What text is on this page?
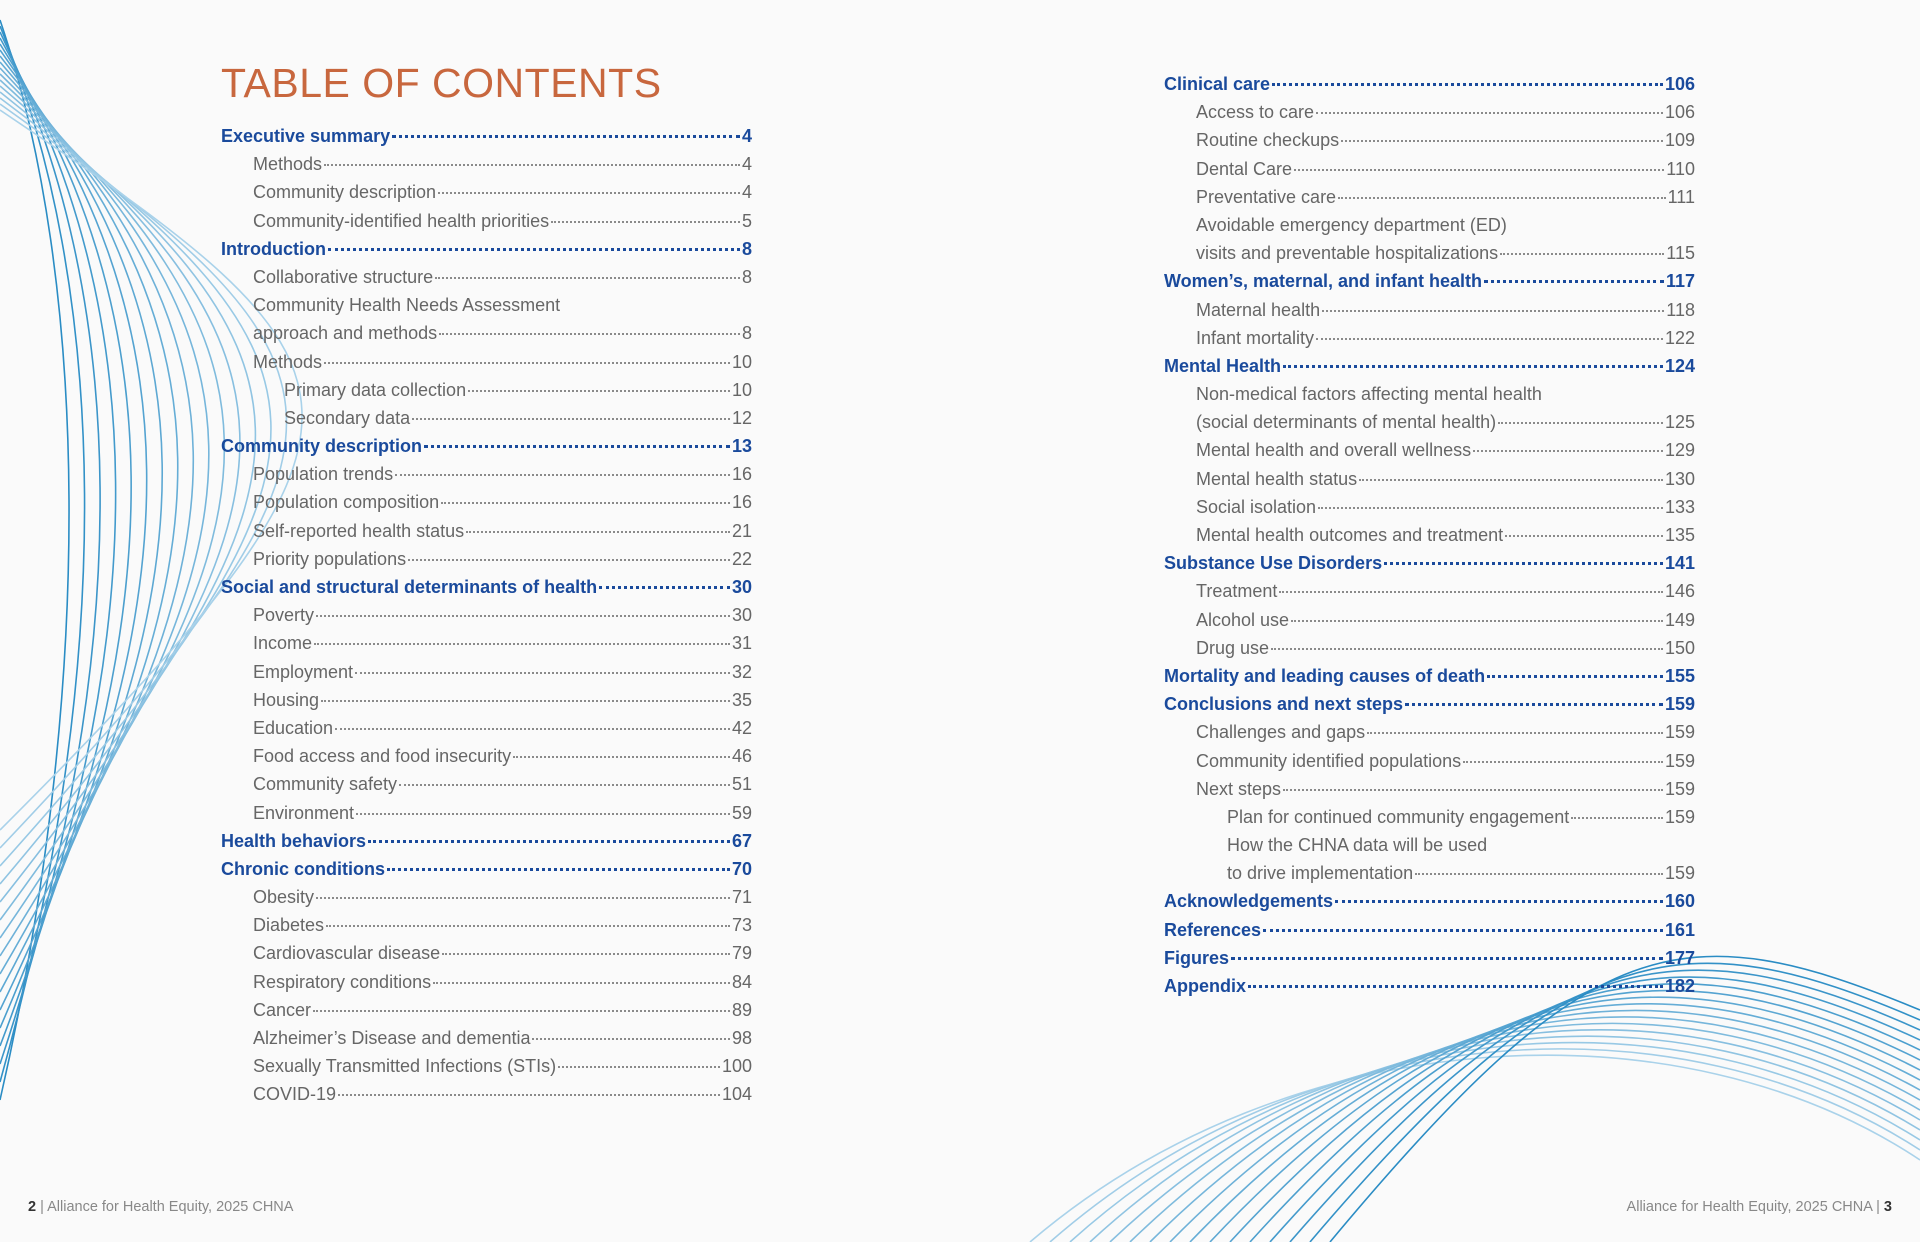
TABLE OF CONTENTS
Executive summary	4
Methods	4
Community description	4
Community-identified health priorities	5
Introduction	8
Collaborative structure	8
Community Health Needs Assessment
approach and methods	8
Methods	10
Primary data collection	10
Secondary data	12
Community description	13
Population trends	16
Population composition	16
Self-reported health status	21
Priority populations	22
Social and structural determinants of health	30
Poverty	30
Income	31
Employment	32
Housing	35
Education	42
Food access and food insecurity	46
Community safety	51
Environment	59
Health behaviors	67
Chronic conditions	70
Obesity	71
Diabetes	73
Cardiovascular disease	79
Respiratory conditions	84
Cancer	89
Alzheimer’s Disease and dementia	98
Sexually Transmitted Infections (STIs)	100
COVID-19	104
Clinical care	106
Access to care	106
Routine checkups	109
Dental Care	110
Preventative care	111
Avoidable emergency department (ED)
visits and preventable hospitalizations	115
Women’s, maternal, and infant health	117
Maternal health	118
Infant mortality	122
Mental Health	124
Non-medical factors affecting mental health
(social determinants of mental health)	125
Mental health and overall wellness	129
Mental health status	130
Social isolation	133
Mental health outcomes and treatment	135
Substance Use Disorders	141
Treatment	146
Alcohol use	149
Drug use	150
Mortality and leading causes of death	155
Conclusions and next steps	159
Challenges and gaps	159
Community identified populations	159
Next steps	159
Plan for continued community engagement	159
How the CHNA data will be used
to drive implementation	159
Acknowledgements	160
References	161
Figures	177
Appendix	182
2 | Alliance for Health Equity, 2025 CHNA	Alliance for Health Equity, 2025 CHNA | 3
